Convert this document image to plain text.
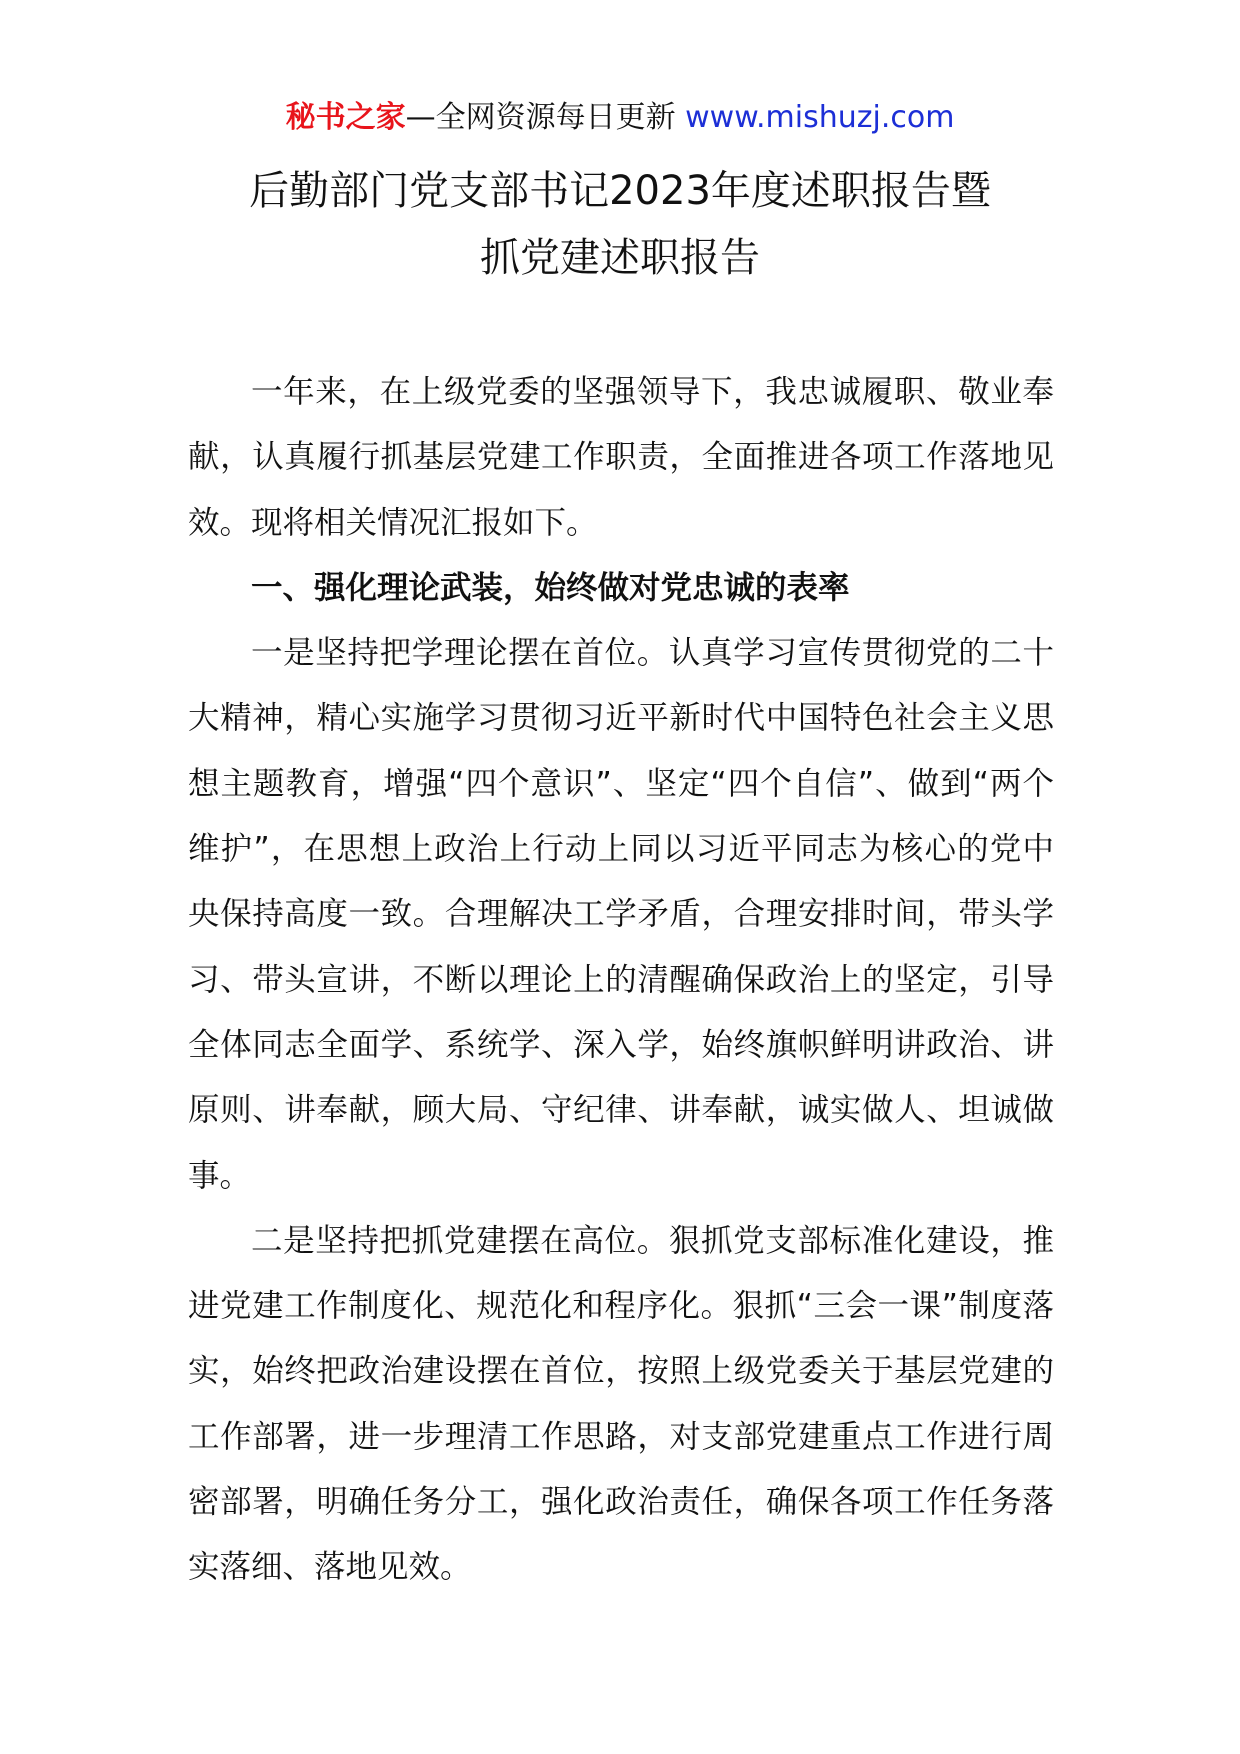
秘书之家—全网资源每日更新 www.mishuzj.com
后勤部门党支部书记2023年度述职报告暨
抓党建述职报告

一年来，在上级党委的坚强领导下，我忠诚履职、敬业奉献，认真履行抓基层党建工作职责，全面推进各项工作落地见效。现将相关情况汇报如下。

一、强化理论武装，始终做对党忠诚的表率

一是坚持把学理论摆在首位。认真学习宣传贯彻党的二十大精神，精心实施学习贯彻习近平新时代中国特色社会主义思想主题教育，增强“四个意识”、坚定“四个自信”、做到“两个维护”，在思想上政治上行动上同以习近平同志为核心的党中央保持高度一致。合理解决工学矛盾，合理安排时间，带头学习、带头宣讲，不断以理论上的清醒确保政治上的坚定，引导全体同志全面学、系统学、深入学，始终旗帜鲜明讲政治、讲原则、讲奉献，顾大局、守纪律、讲奉献，诚实做人、坦诚做事。

二是坚持把抓党建摆在高位。狠抓党支部标准化建设，推进党建工作制度化、规范化和程序化。狠抓“三会一课”制度落实，始终把政治建设摆在首位，按照上级党委关于基层党建的工作部署，进一步理清工作思路，对支部党建重点工作进行周密部署，明确任务分工，强化政治责任，确保各项工作任务落实落细、落地见效。
